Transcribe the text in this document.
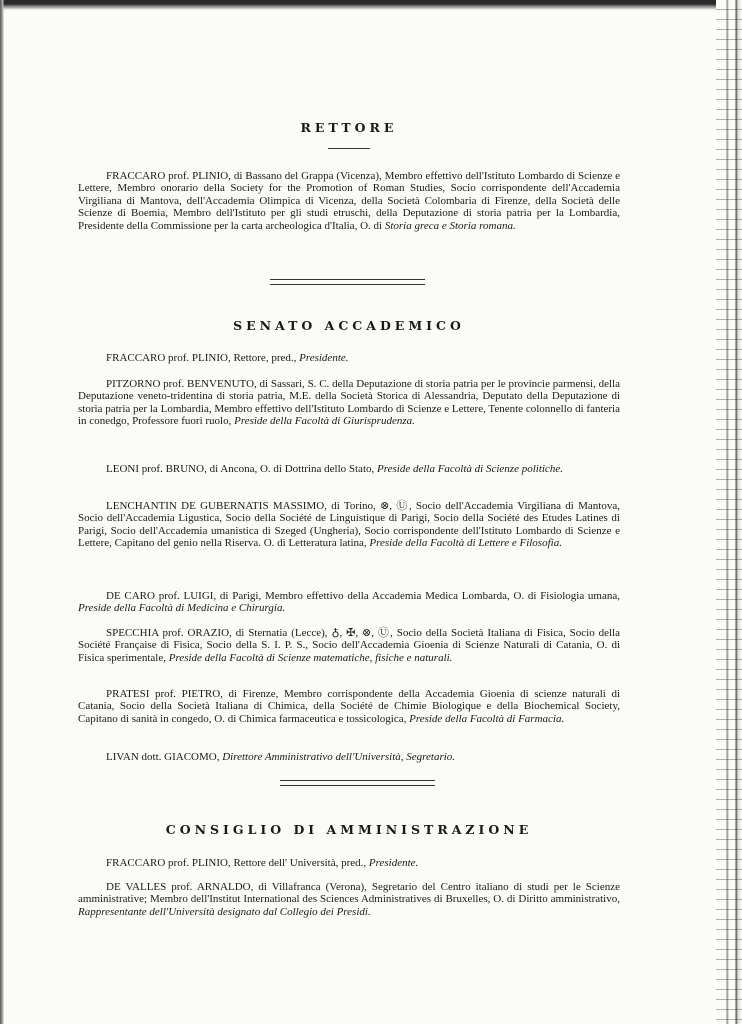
RETTORE
FRACCARO prof. PLINIO, di Bassano del Grappa (Vicenza), Membro effettivo dell'Istituto Lombardo di Scienze e Lettere, Membro onorario della Society for the Promotion of Roman Studies, Socio corrispondente dell'Accademia Virgiliana di Mantova, dell'Accademia Olimpica di Vicenza, della Società Colombaria di Firenze, della Società delle Scienze di Boemia, Membro dell'Istituto per gli studi etruschi, della Deputazione di storia patria per la Lombardia, Presidente della Commissione per la carta archeologica d'Italia, O. di Storia greca e Storia romana.
SENATO ACCADEMICO
FRACCARO prof. PLINIO, Rettore, pred., Presidente.
PITZORNO prof. BENVENUTO, di Sassari, S. C. della Deputazione di storia patria per le provincie parmensi, della Deputazione veneto-tridentina di storia patria, M.E. della Società Storica di Alessandria, Deputato della Deputazione di storia patria per la Lombardia, Membro effettivo dell'Istituto Lombardo di Scienze e Lettere, Tenente colonnello di fanteria in conedgo, Professore fuori ruolo, Preside della Facoltà di Giurisprudenza.
LEONI prof. BRUNO, di Ancona, O. di Dottrina dello Stato, Preside della Facoltà di Scienze politiche.
LENCHANTIN DE GUBERNATIS MASSIMO, di Torino, ⊗, Ⓤ, Socio dell'Accademia Virgiliana di Mantova, Socio dell'Accademia Ligustica, Socio della Société de Linguistique di Parigi, Socio della Société des Etudes Latines di Parigi, Socio dell'Accademia umanistica di Szeged (Ungheria), Socio corrispondente dell'Istituto Lombardo di Scienze e Lettere, Capitano del genio nella Riserva. O. di Letteratura latina, Preside della Facoltà di Lettere e Filosofia.
DE CARO prof. LUIGI, di Parigi, Membro effettivo della Accademia Medica Lombarda, O. di Fisiologia umana, Preside della Facoltà di Medicina e Chirurgia.
SPECCHIA prof. ORAZIO, di Sternatia (Lecce), ♁, ✠, ⊗, Ⓤ, Socio della Società Italiana di Fisica, Socio della Société Française di Fisica, Socio della S. I. P. S., Socio dell'Accademia Gioenia di Scienze Naturali di Catania, O. di Fisica sperimentale, Preside della Facoltà di Scienze matematiche, fisiche e naturali.
PRATESI prof. PIETRO, di Firenze, Membro corrispondente della Accademia Gioenia di scienze naturali di Catania, Socio della Società Italiana di Chimica, della Société de Chimie Biologique e della Biochemical Society, Capitano di sanità in congedo, O. di Chimica farmaceutica e tossicologica, Preside della Facoltà di Farmacia.
LIVAN dott. GIACOMO, Direttore Amministrativo dell'Università, Segretario.
CONSIGLIO DI AMMINISTRAZIONE
FRACCARO prof. PLINIO, Rettore dell' Università, pred., Presidente.
DE VALLES prof. ARNALDO, di Villafranca (Verona), Segretario del Centro italiano di studi per le Scienze amministrative; Membro dell'Institut International des Sciences Administratives di Bruxelles, O. di Diritto amministrativo, Rappresentante dell'Università designato dal Collegio dei Presidi.
